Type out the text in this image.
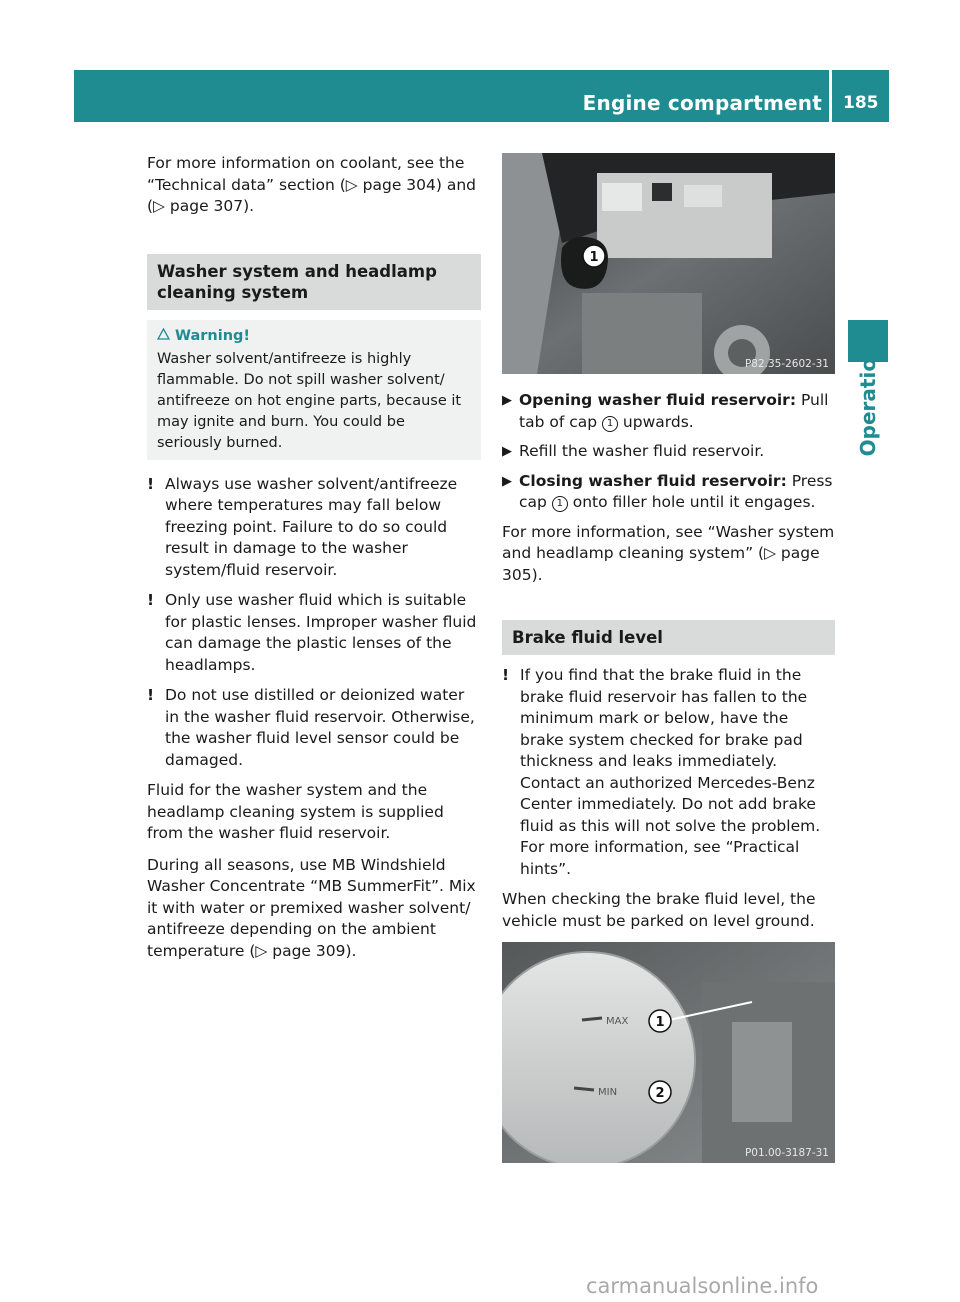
Engine compartment 185
Operation

For more information on coolant, see the “Technical data” section (▷ page 304) and (▷ page 307).

Washer system and headlamp cleaning system
Warning!
Washer solvent/antifreeze is highly flammable. Do not spill washer solvent/ antifreeze on hot engine parts, because it may ignite and burn. You could be seriously burned.
! Always use washer solvent/antifreeze where temperatures may fall below freezing point. Failure to do so could result in damage to the washer system/fluid reservoir.
! Only use washer fluid which is suitable for plastic lenses. Improper washer fluid can damage the plastic lenses of the headlamps.
! Do not use distilled or deionized water in the washer fluid reservoir. Otherwise, the washer fluid level sensor could be damaged.

Fluid for the washer system and the headlamp cleaning system is supplied from the washer fluid reservoir.

During all seasons, use MB Windshield Washer Concentrate “MB SummerFit”. Mix it with water or premixed washer solvent/ antifreeze depending on the ambient temperature (▷ page 309).

1
P82.35-2602-31
▶ Opening washer fluid reservoir: Pull tab of cap 1 upwards.
▶ Refill the washer fluid reservoir.
▶ Closing washer fluid reservoir: Press cap 1 onto filler hole until it engages.

For more information, see “Washer system and headlamp cleaning system” (▷ page 305).

Brake fluid level
! If you find that the brake fluid in the brake fluid reservoir has fallen to the minimum mark or below, have the brake system checked for brake pad thickness and leaks immediately. Contact an authorized Mercedes-Benz Center immediately. Do not add brake fluid as this will not solve the problem. For more information, see “Practical hints”.

When checking the brake fluid level, the vehicle must be parked on level ground.

MAX
MIN
1
2
P01.00-3187-31
carmanualsonline.info
